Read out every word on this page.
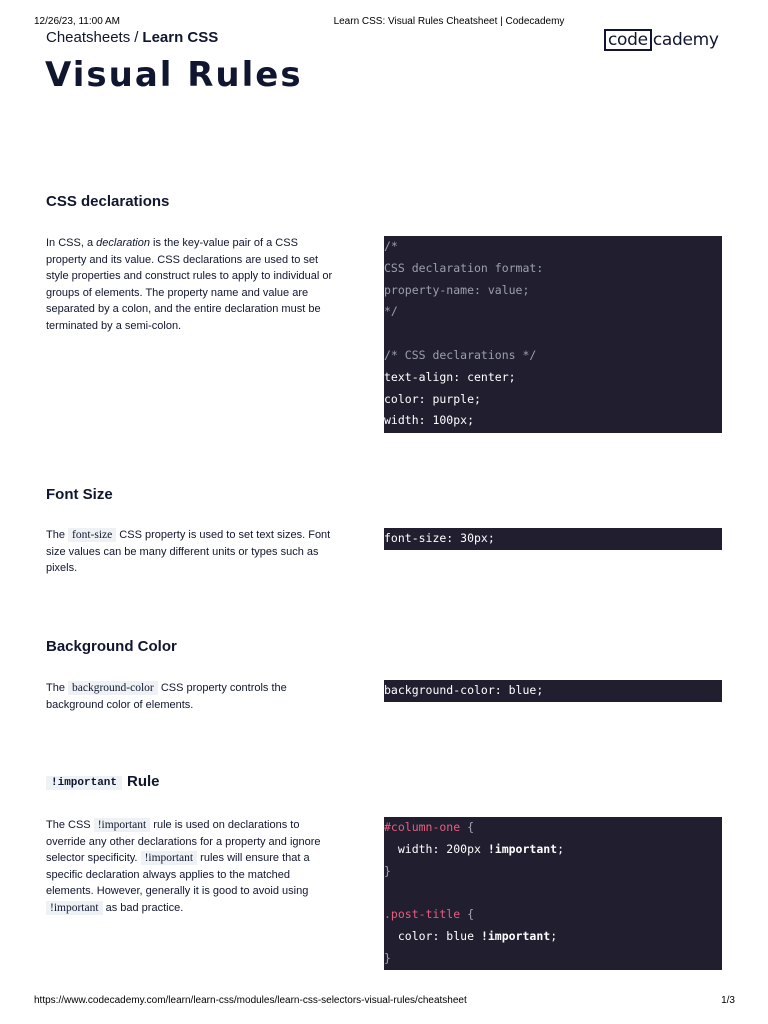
12/26/23, 11:00 AM	Learn CSS: Visual Rules Cheatsheet | Codecademy
Cheatsheets / Learn CSS	code cademy
Visual Rules
CSS declarations

In CSS, a declaration is the key-value pair of a CSS property and its value. CSS declarations are used to set style properties and construct rules to apply to individual or groups of elements. The property name and value are separated by a colon, and the entire declaration must be terminated by a semi-colon.

/*
CSS declaration format:
property-name: value;
*/
/* CSS declarations */
text-align: center;
color: purple;
width: 100px;
Font Size

The font-size CSS property is used to set text sizes. Font size values can be many different units or types such as pixels.

font-size: 30px;
Background Color

The background-color CSS property controls the background color of elements.

background-color: blue;
!important Rule

The CSS !important rule is used on declarations to override any other declarations for a property and ignore selector specificity. !important rules will ensure that a specific declaration always applies to the matched elements. However, generally it is good to avoid using !important as bad practice.

#column-one {
width: 200px !important;
}
.post-title {
color: blue !important;
}
https://www.codecademy.com/learn/learn-css/modules/learn-css-selectors-visual-rules/cheatsheet	1/3
